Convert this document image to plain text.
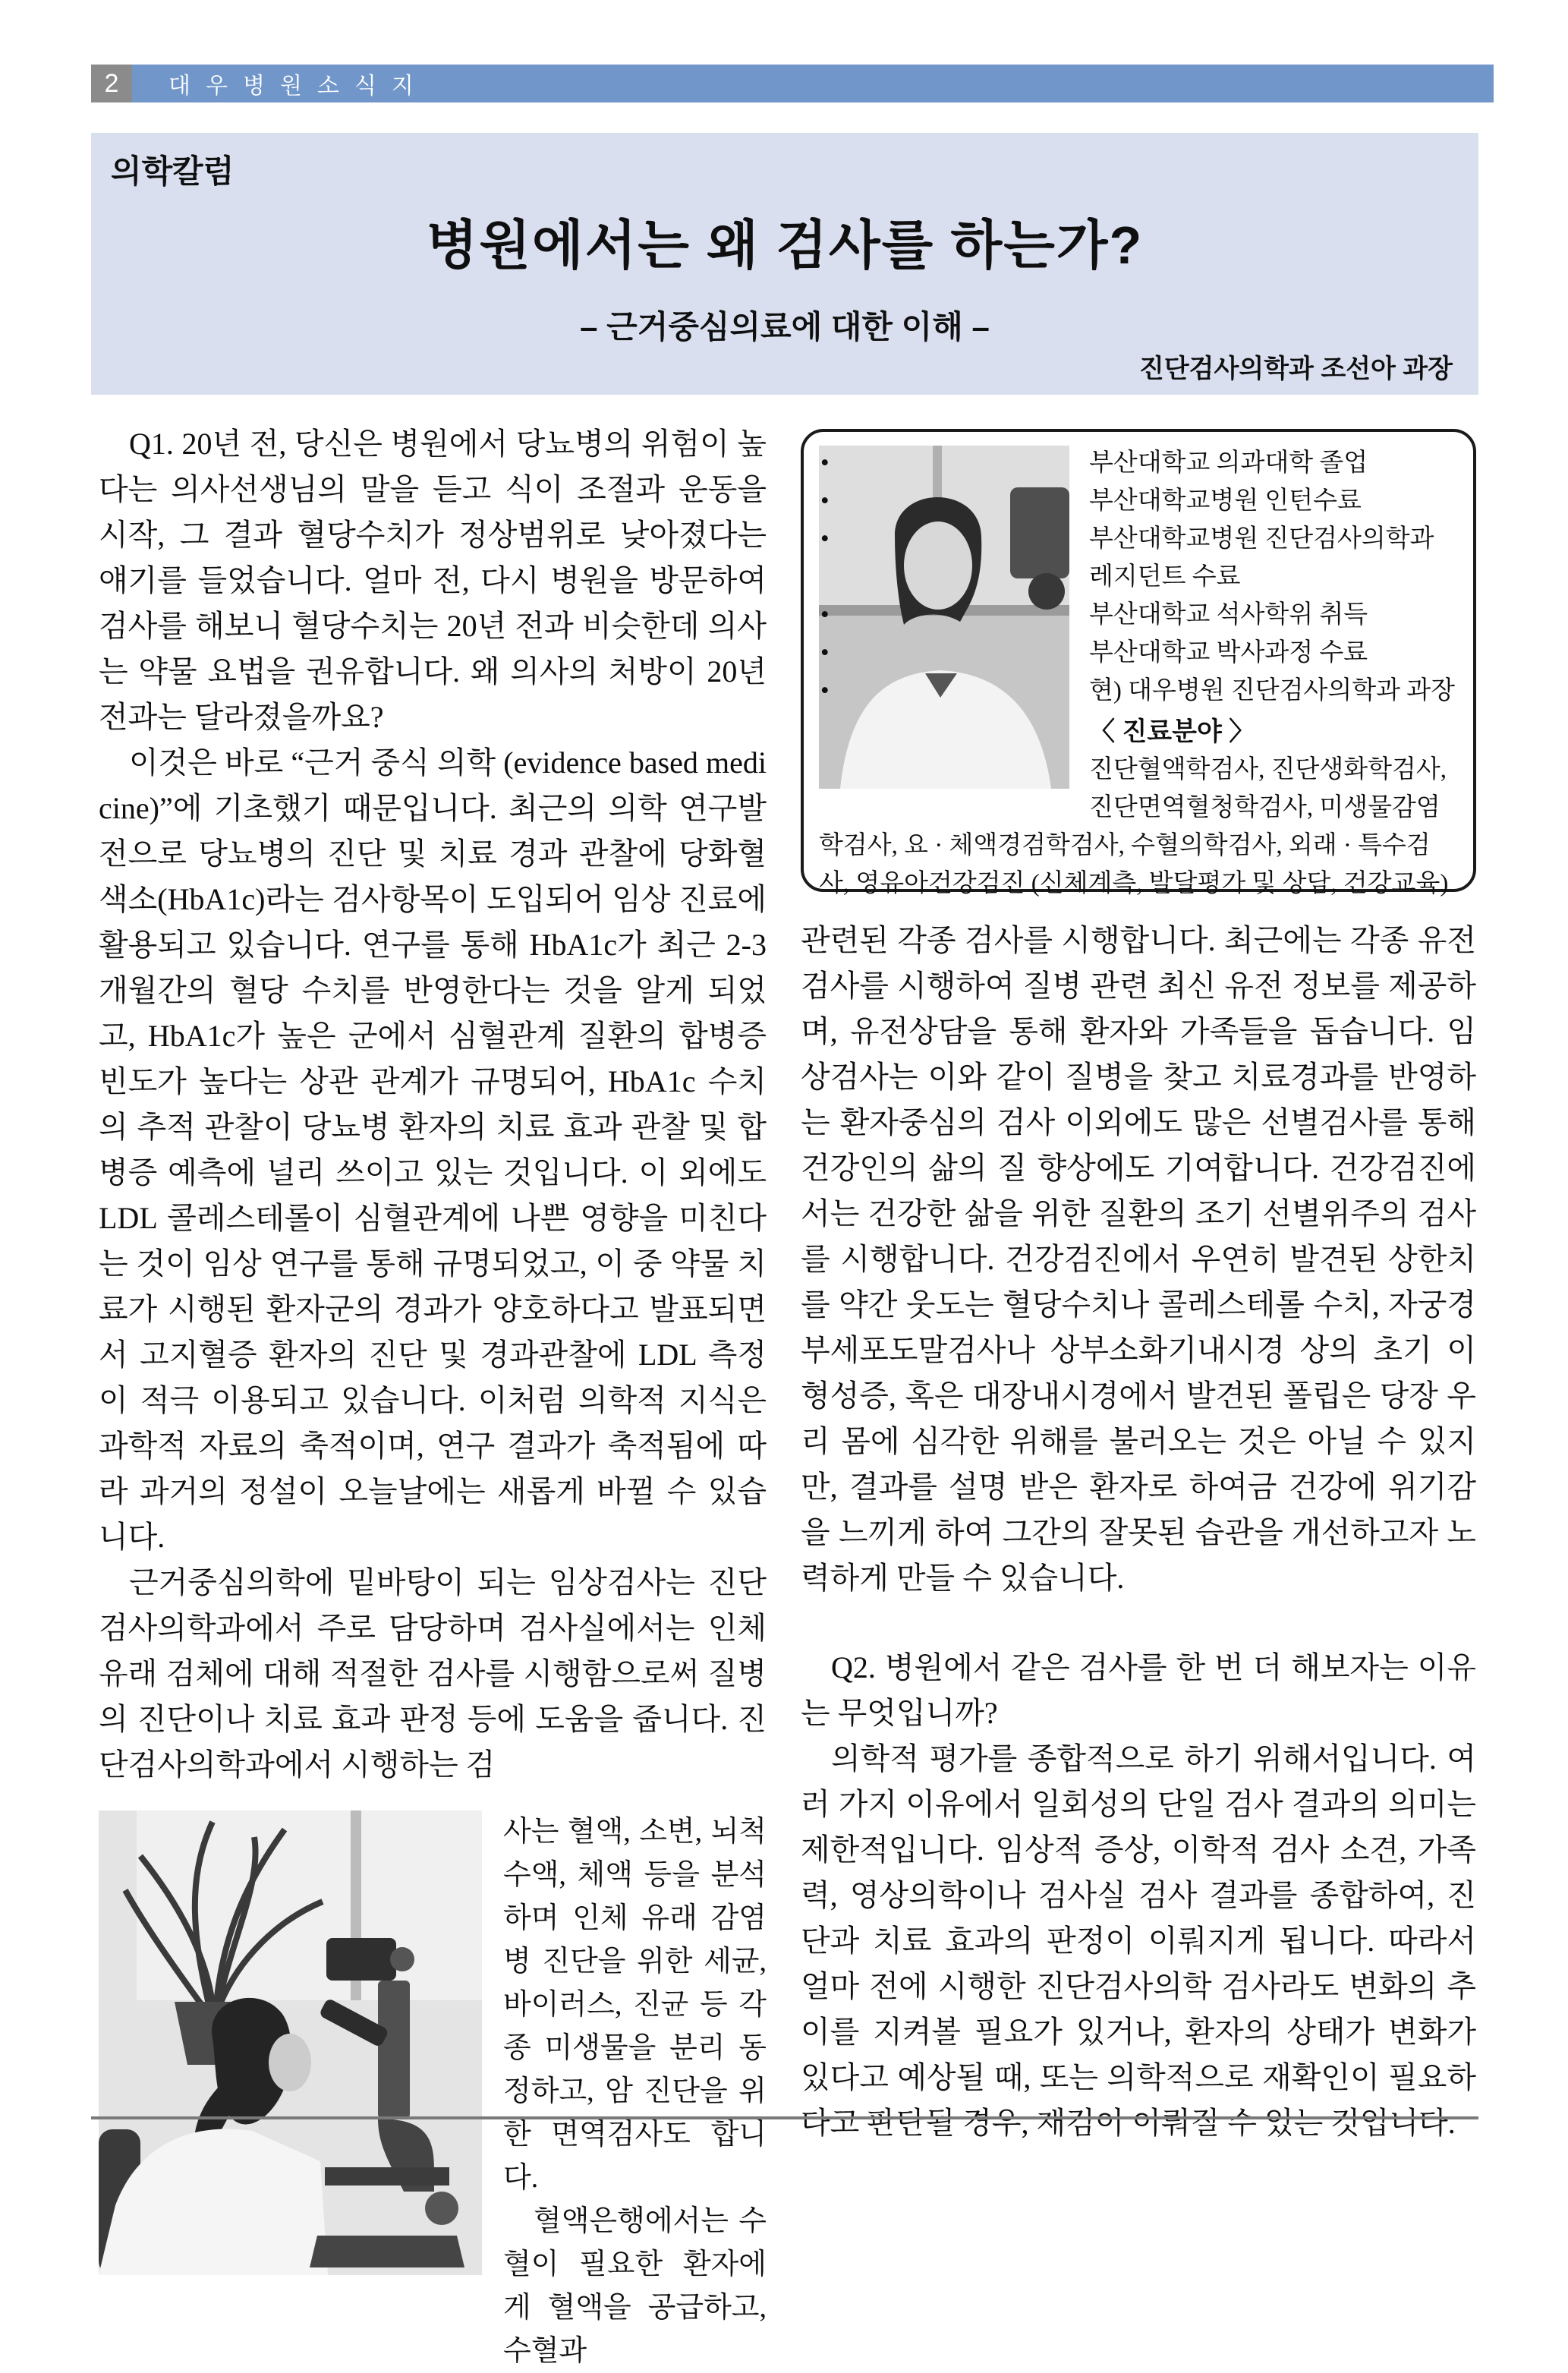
2	대우병원소식지
의학칼럼
병원에서는 왜 검사를 하는가?
– 근거중심의료에 대한 이해 –
진단검사의학과 조선아 과장

Q1. 20년 전, 당신은 병원에서 당뇨병의 위험이 높다는 의사선생님의 말을 듣고 식이 조절과 운동을 시작, 그 결과 혈당수치가 정상범위로 낮아졌다는 얘기를 들었습니다. 얼마 전, 다시 병원을 방문하여 검사를 해보니 혈당수치는 20년 전과 비슷한데 의사는 약물 요법을 권유합니다. 왜 의사의 처방이 20년 전과는 달라졌을까요?

이것은 바로 “근거 중식 의학 (evidence based medicine)”에 기초했기 때문입니다. 최근의 의학 연구발전으로 당뇨병의 진단 및 치료 경과 관찰에 당화혈색소(HbA1c)라는 검사항목이 도입되어 임상 진료에 활용되고 있습니다. 연구를 통해 HbA1c가 최근 2-3개월간의 혈당 수치를 반영한다는 것을 알게 되었고, HbA1c가 높은 군에서 심혈관계 질환의 합병증 빈도가 높다는 상관 관계가 규명되어, HbA1c 수치의 추적 관찰이 당뇨병 환자의 치료 효과 관찰 및 합병증 예측에 널리 쓰이고 있는 것입니다. 이 외에도 LDL 콜레스테롤이 심혈관계에 나쁜 영향을 미친다는 것이 임상 연구를 통해 규명되었고, 이 중 약물 치료가 시행된 환자군의 경과가 양호하다고 발표되면서 고지혈증 환자의 진단 및 경과관찰에 LDL 측정이 적극 이용되고 있습니다. 이처럼 의학적 지식은 과학적 자료의 축적이며, 연구 결과가 축적됨에 따라 과거의 정설이 오늘날에는 새롭게 바뀔 수 있습니다.

근거중심의학에 밑바탕이 되는 임상검사는 진단검사의학과에서 주로 담당하며 검사실에서는 인체 유래 검체에 대해 적절한 검사를 시행함으로써 질병의 진단이나 치료 효과 판정 등에 도움을 줍니다. 진단검사의학과에서 시행하는 검

사는 혈액, 소변, 뇌척수액, 체액 등을 분석하며 인체 유래 감염병 진단을 위한 세균, 바이러스, 진균 등 각종 미생물을 분리 동정하고, 암 진단을 위한 면역검사도 합니다.

혈액은행에서는 수혈이 필요한 환자에게 혈액을 공급하고, 수혈과

• 부산대학교 의과대학 졸업
• 부산대학교병원 인턴수료
• 부산대학교병원 진단검사의학과 레지던트 수료
• 부산대학교 석사학위 취득
• 부산대학교 박사과정 수료
• 현) 대우병원 진단검사의학과 과장
〈 진료분야 〉

진단혈액학검사, 진단생화학검사, 진단면역혈청학검사, 미생물감염학검사, 요 · 체액경검학검사, 수혈의학검사, 외래 · 특수검사, 영유아건강검진 (신체계측, 발달평가 및 상담, 건강교육)

관련된 각종 검사를 시행합니다. 최근에는 각종 유전검사를 시행하여 질병 관련 최신 유전 정보를 제공하며, 유전상담을 통해 환자와 가족들을 돕습니다. 임상검사는 이와 같이 질병을 찾고 치료경과를 반영하는 환자중심의 검사 이외에도 많은 선별검사를 통해 건강인의 삶의 질 향상에도 기여합니다. 건강검진에서는 건강한 삶을 위한 질환의 조기 선별위주의 검사를 시행합니다. 건강검진에서 우연히 발견된 상한치를 약간 웃도는 혈당수치나 콜레스테롤 수치, 자궁경부세포도말검사나 상부소화기내시경 상의 초기 이형성증, 혹은 대장내시경에서 발견된 폴립은 당장 우리 몸에 심각한 위해를 불러오는 것은 아닐 수 있지만, 결과를 설명 받은 환자로 하여금 건강에 위기감을 느끼게 하여 그간의 잘못된 습관을 개선하고자 노력하게 만들 수 있습니다.

Q2. 병원에서 같은 검사를 한 번 더 해보자는 이유는 무엇입니까?

의학적 평가를 종합적으로 하기 위해서입니다. 여러 가지 이유에서 일회성의 단일 검사 결과의 의미는 제한적입니다. 임상적 증상, 이학적 검사 소견, 가족력, 영상의학이나 검사실 검사 결과를 종합하여, 진단과 치료 효과의 판정이 이뤄지게 됩니다. 따라서 얼마 전에 시행한 진단검사의학 검사라도 변화의 추이를 지켜볼 필요가 있거나, 환자의 상태가 변화가 있다고 예상될 때, 또는 의학적으로 재확인이 필요하다고 판단될 경우, 재검이 이뤄질 수 있는 것입니다.
